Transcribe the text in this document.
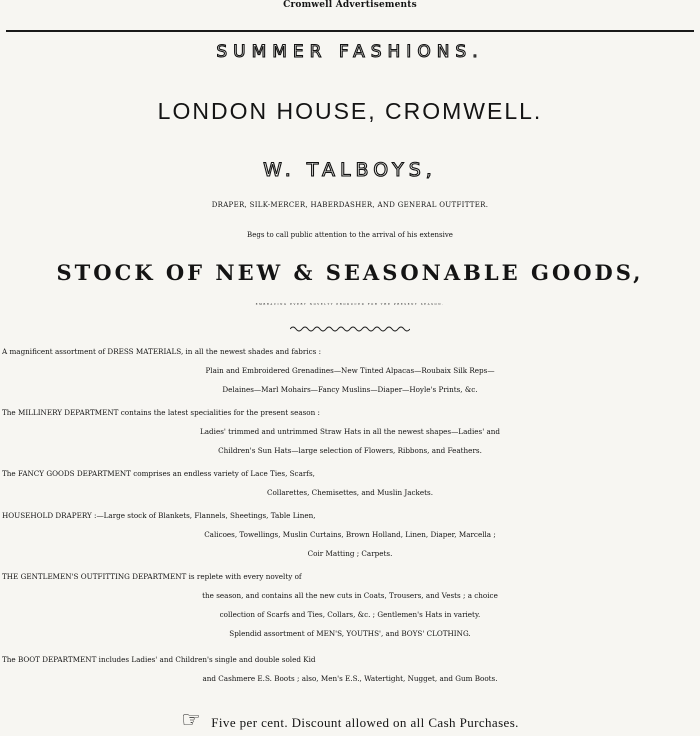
Cromwell Advertisements
SUMMER FASHIONS.
LONDON HOUSE, CROMWELL.
W. TALBOYS,
DRAPER, SILK-MERCER, HABERDASHER, AND GENERAL OUTFITTER.
Begs to call public attention to the arrival of his extensive
STOCK OF NEW & SEASONABLE GOODS,
EMBRACING EVERY NOVELTY PRODUCED FOR THE PRESENT SEASON.
A magnificent assortment of DRESS MATERIALS, in all the newest shades and fabrics :
Plain and Embroidered Grenadines—New Tinted Alpacas—Roubaix Silk Reps—
Delaines—Marl Mohairs—Fancy Muslins—Diaper—Hoyle's Prints, &c.
The MILLINERY DEPARTMENT contains the latest specialities for the present season :
Ladies' trimmed and untrimmed Straw Hats in all the newest shapes—Ladies' and
Children's Sun Hats—large selection of Flowers, Ribbons, and Feathers.
The FANCY GOODS DEPARTMENT comprises an endless variety of Lace Ties, Scarfs,
Collarettes, Chemisettes, and Muslin Jackets.
HOUSEHOLD DRAPERY :—Large stock of Blankets, Flannels, Sheetings, Table Linen,
Calicoes, Towellings, Muslin Curtains, Brown Holland, Linen, Diaper, Marcella ;
Coir Matting ; Carpets.
THE GENTLEMEN'S OUTFITTING DEPARTMENT is replete with every novelty of
the season, and contains all the new cuts in Coats, Trousers, and Vests ; a choice
collection of Scarfs and Ties, Collars, &c. ; Gentlemen's Hats in variety.
Splendid assortment of MEN'S, YOUTHS', and BOYS' CLOTHING.
The BOOT DEPARTMENT includes Ladies' and Children's single and double soled Kid
and Cashmere E.S. Boots ; also, Men's E.S., Watertight, Nugget, and Gum Boots.
☞ Five per cent. Discount allowed on all Cash Purchases.
